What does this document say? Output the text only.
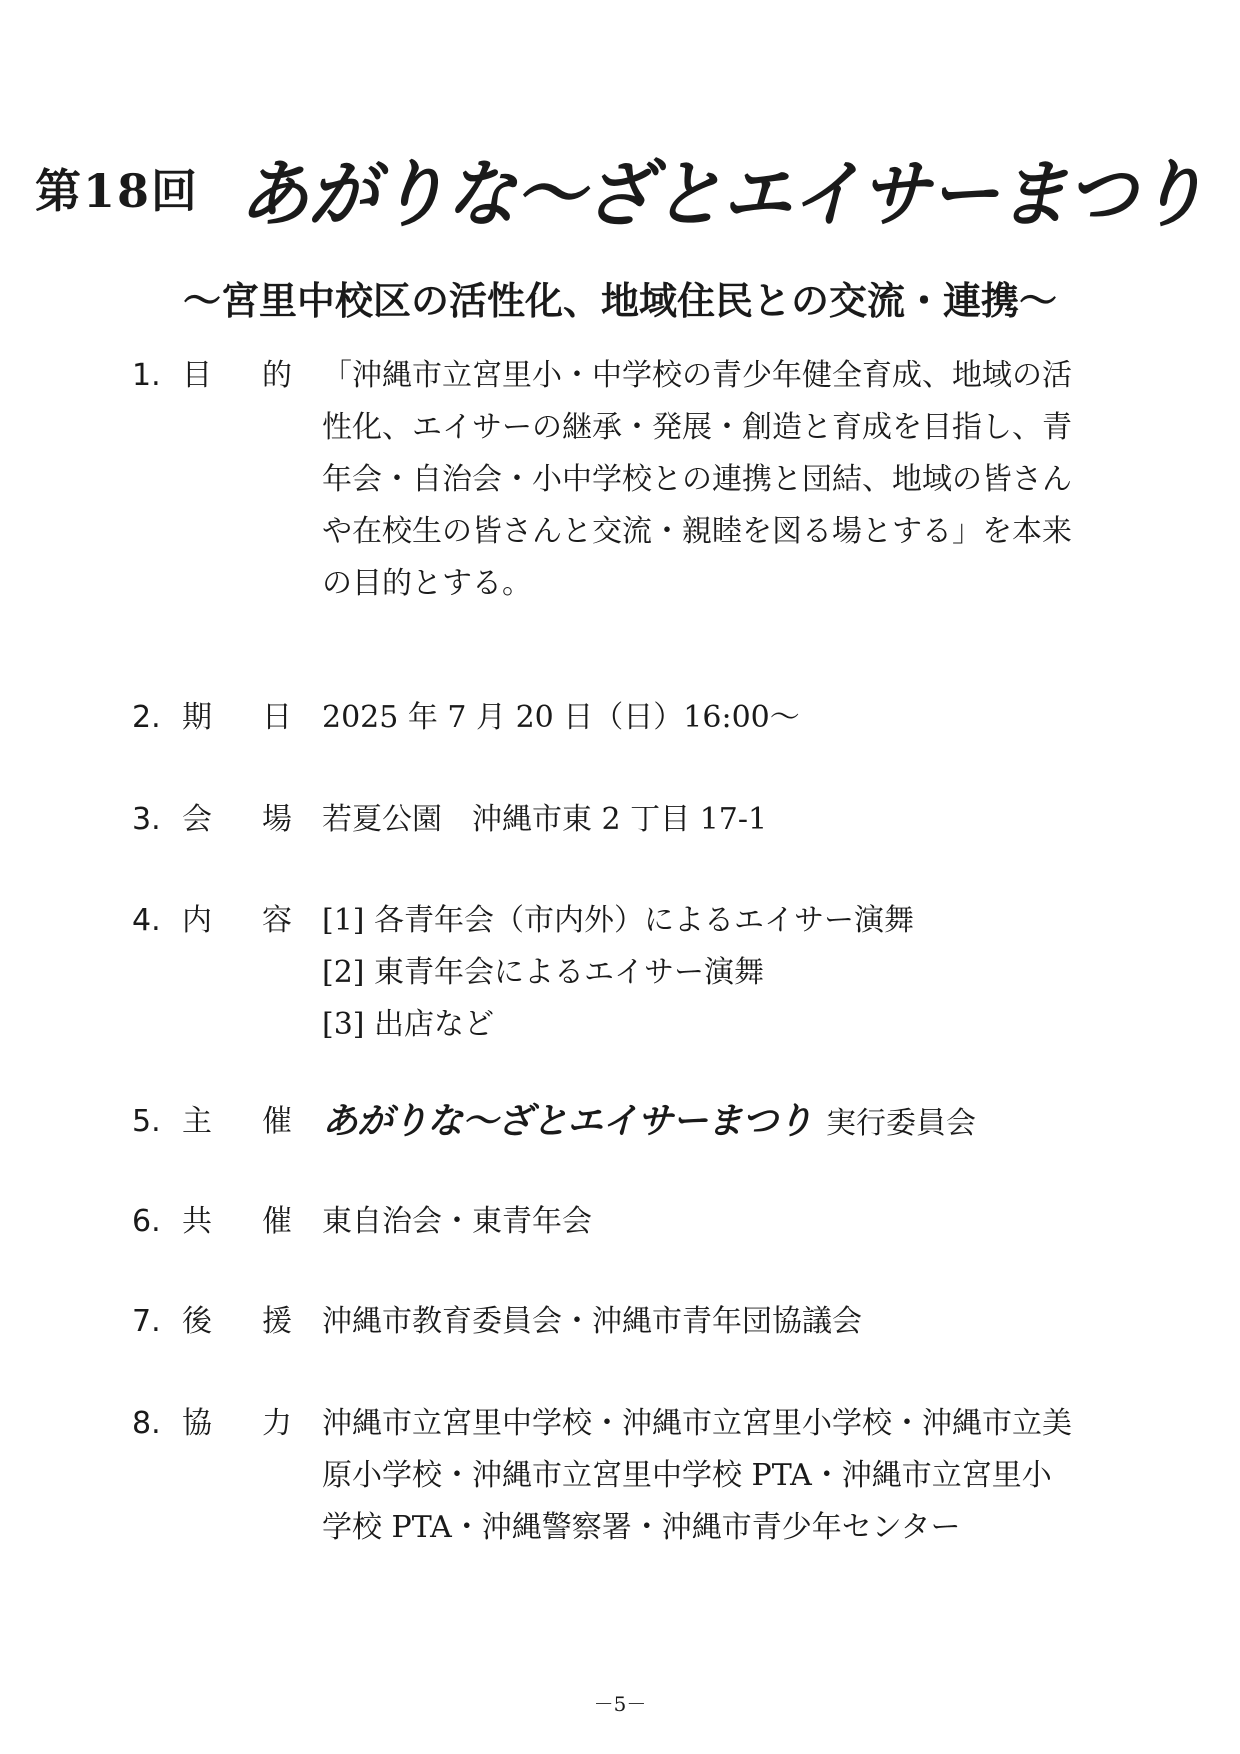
第18回 あがりな～ざとエイサーまつり
～宮里中校区の活性化、地域住民との交流・連携～
1. 目 的 「沖縄市立宮里小・中学校の青少年健全育成、地域の活
性化、エイサーの継承・発展・創造と育成を目指し、青
年会・自治会・小中学校との連携と団結、地域の皆さん
や在校生の皆さんと交流・親睦を図る場とする」を本来
の目的とする。
2. 期 日 2025 年 7 月 20 日（日）16:00～
3. 会 場 若夏公園　沖縄市東 2 丁目 17-1
4. 内 容 [1] 各青年会（市内外）によるエイサー演舞
[2] 東青年会によるエイサー演舞
[3] 出店など
5. 主 催 あがりな～ざとエイサーまつり 実行委員会
6. 共 催 東自治会・東青年会
7. 後 援 沖縄市教育委員会・沖縄市青年団協議会
8. 協 力 沖縄市立宮里中学校・沖縄市立宮里小学校・沖縄市立美
原小学校・沖縄市立宮里中学校 PTA・沖縄市立宮里小
学校 PTA・沖縄警察署・沖縄市青少年センター
－5－
